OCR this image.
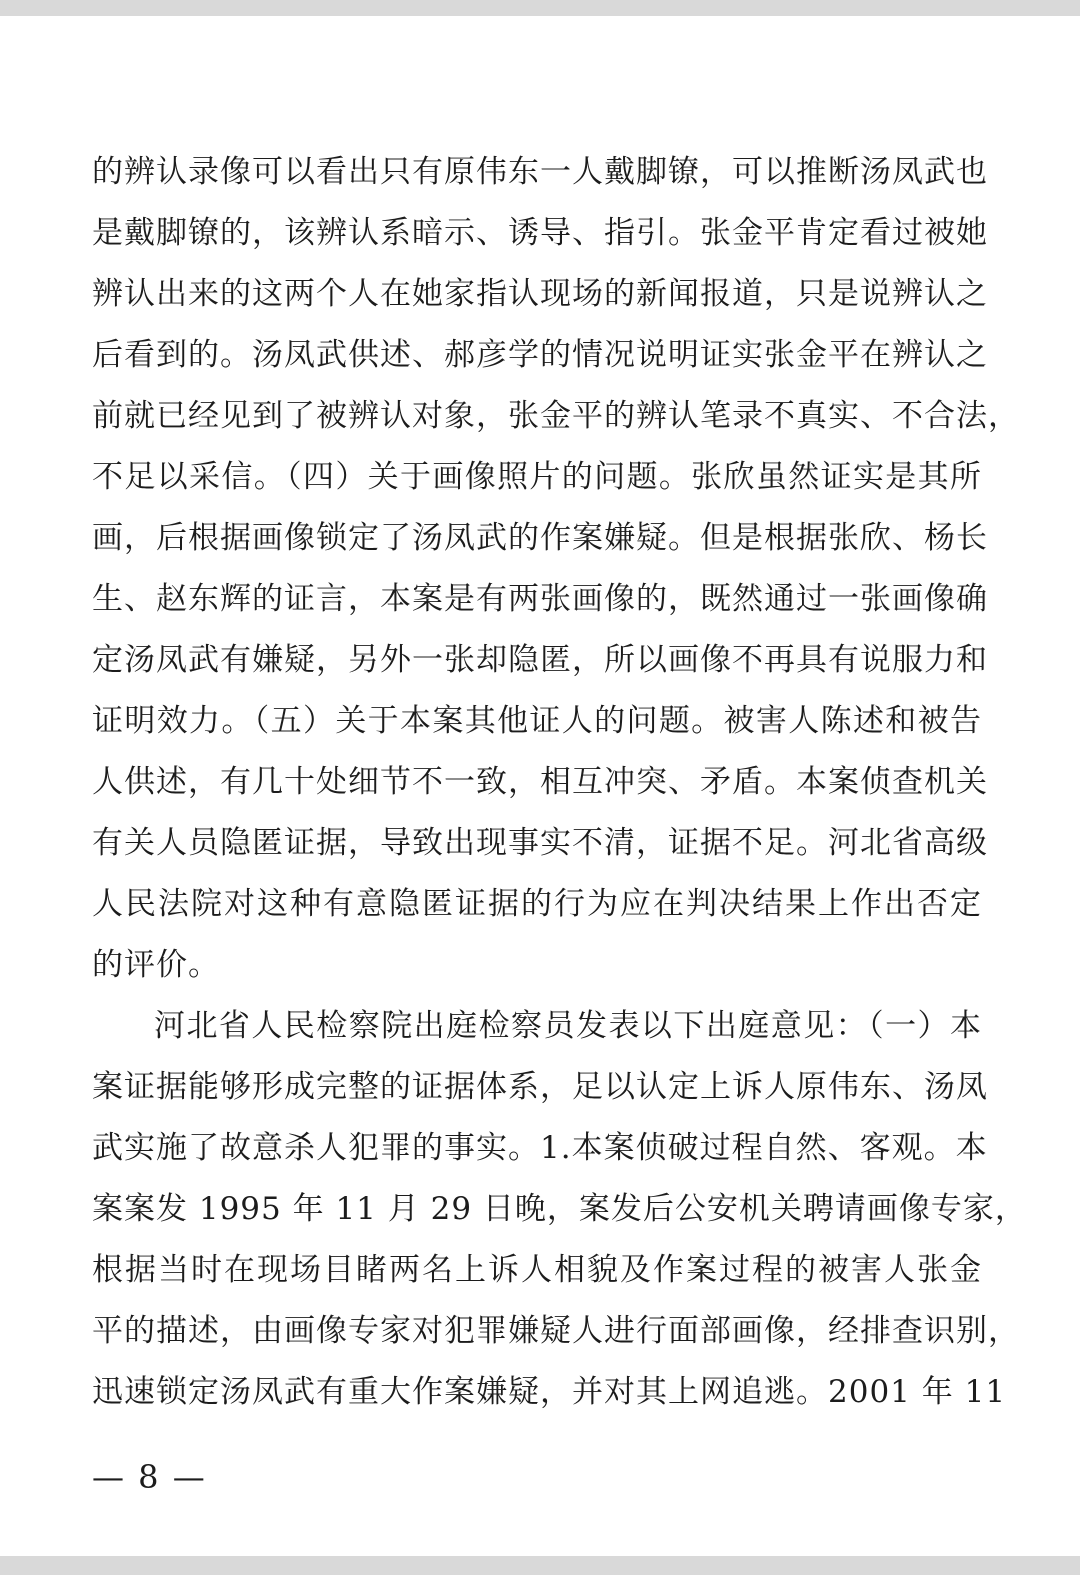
的辨认录像可以看出只有原伟东一人戴脚镣，可以推断汤凤武也
是戴脚镣的，该辨认系暗示、诱导、指引。张金平肯定看过被她
辨认出来的这两个人在她家指认现场的新闻报道，只是说辨认之
后看到的。汤凤武供述、郝彦学的情况说明证实张金平在辨认之
前就已经见到了被辨认对象，张金平的辨认笔录不真实、不合法，
不足以采信。（四）关于画像照片的问题。张欣虽然证实是其所
画，后根据画像锁定了汤凤武的作案嫌疑。但是根据张欣、杨长
生、赵东辉的证言，本案是有两张画像的，既然通过一张画像确
定汤凤武有嫌疑，另外一张却隐匿，所以画像不再具有说服力和
证明效力。（五）关于本案其他证人的问题。被害人陈述和被告
人供述，有几十处细节不一致，相互冲突、矛盾。本案侦查机关
有关人员隐匿证据，导致出现事实不清，证据不足。河北省高级
人民法院对这种有意隐匿证据的行为应在判决结果上作出否定
的评价。
河北省人民检察院出庭检察员发表以下出庭意见：（一）本
案证据能够形成完整的证据体系，足以认定上诉人原伟东、汤凤
武实施了故意杀人犯罪的事实。1.本案侦破过程自然、客观。本
案案发 1995 年 11 月 29 日晚，案发后公安机关聘请画像专家，
根据当时在现场目睹两名上诉人相貌及作案过程的被害人张金
平的描述，由画像专家对犯罪嫌疑人进行面部画像，经排查识别，
迅速锁定汤凤武有重大作案嫌疑，并对其上网追逃。2001 年 11
— 8 —
